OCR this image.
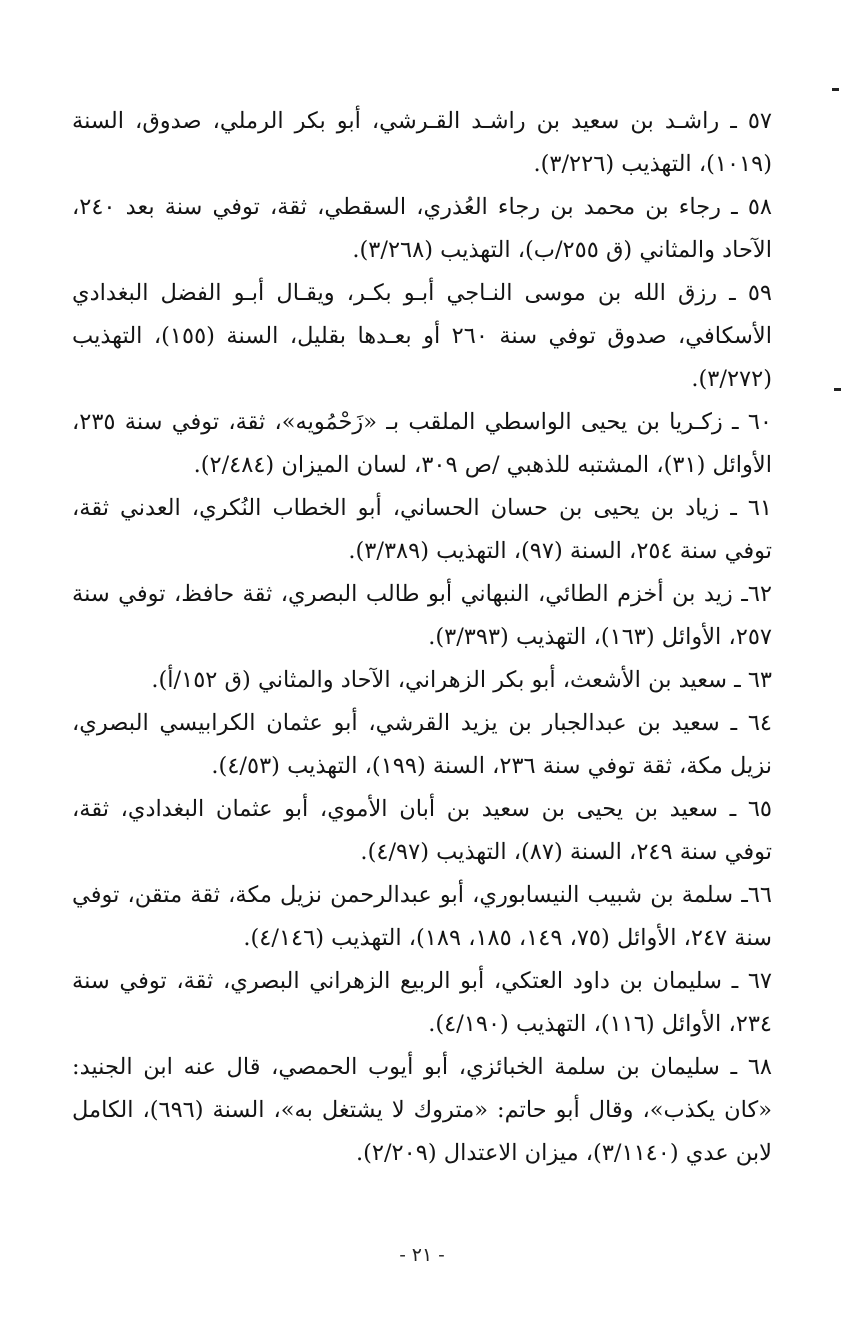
٥٧ ـ راشـد بن سعيد بن راشـد القـرشي، أبو بكر الرملي، صدوق، السنة
(١٠١٩)، التهذيب (٣/٢٢٦).

٥٨ ـ رجاء بن محمد بن رجاء العُذري، السقطي، ثقة، توفي سنة بعد ٢٤٠،
الآحاد والمثاني (ق ٢٥٥/ب)، التهذيب (٣/٢٦٨).

٥٩ ـ رزق الله بن موسى النـاجي أبـو بكـر، ويقـال أبـو الفضل البغدادي
الأسكافي، صدوق توفي سنة ٢٦٠ أو بعـدها بقليل، السنة (١٥٥)، التهذيب
(٣/٢٧٢).

٦٠ ـ زكـريا بن يحيى الواسطي الملقب بـ «زَحْمُويه»، ثقة، توفي سنة ٢٣٥،
الأوائل (٣١)، المشتبه للذهبي /ص ٣٠٩، لسان الميزان (٢/٤٨٤).

٦١ ـ زياد بن يحيى بن حسان الحساني، أبو الخطاب النُكري، العدني ثقة،
توفي سنة ٢٥٤، السنة (٩٧)، التهذيب (٣/٣٨٩).

٦٢ـ زيد بن أخزم الطائي، النبهاني أبو طالب البصري، ثقة حافظ، توفي سنة
٢٥٧، الأوائل (١٦٣)، التهذيب (٣/٣٩٣).

٦٣ ـ سعيد بن الأشعث، أبو بكر الزهراني، الآحاد والمثاني (ق ١٥٢/أ).

٦٤ ـ سعيد بن عبدالجبار بن يزيد القرشي، أبو عثمان الكرابيسي البصري،
نزيل مكة، ثقة توفي سنة ٢٣٦، السنة (١٩٩)، التهذيب (٤/٥٣).

٦٥ ـ سعيد بن يحيى بن سعيد بن أبان الأموي، أبو عثمان البغدادي، ثقة،
توفي سنة ٢٤٩، السنة (٨٧)، التهذيب (٤/٩٧).

٦٦ـ سلمة بن شبيب النيسابوري، أبو عبدالرحمن نزيل مكة، ثقة متقن، توفي
سنة ٢٤٧، الأوائل (٧٥، ١٤٩، ١٨٥، ١٨٩)، التهذيب (٤/١٤٦).

٦٧ ـ سليمان بن داود العتكي، أبو الربيع الزهراني البصري، ثقة، توفي سنة
٢٣٤، الأوائل (١١٦)، التهذيب (٤/١٩٠).

٦٨ ـ سليمان بن سلمة الخبائزي، أبو أيوب الحمصي، قال عنه ابن الجنيد:
«كان يكذب»، وقال أبو حاتم: «متروك لا يشتغل به»، السنة (٦٩٦)، الكامل
لابن عدي (٣/١١٤٠)، ميزان الاعتدال (٢/٢٠٩).

- ٢١ -
